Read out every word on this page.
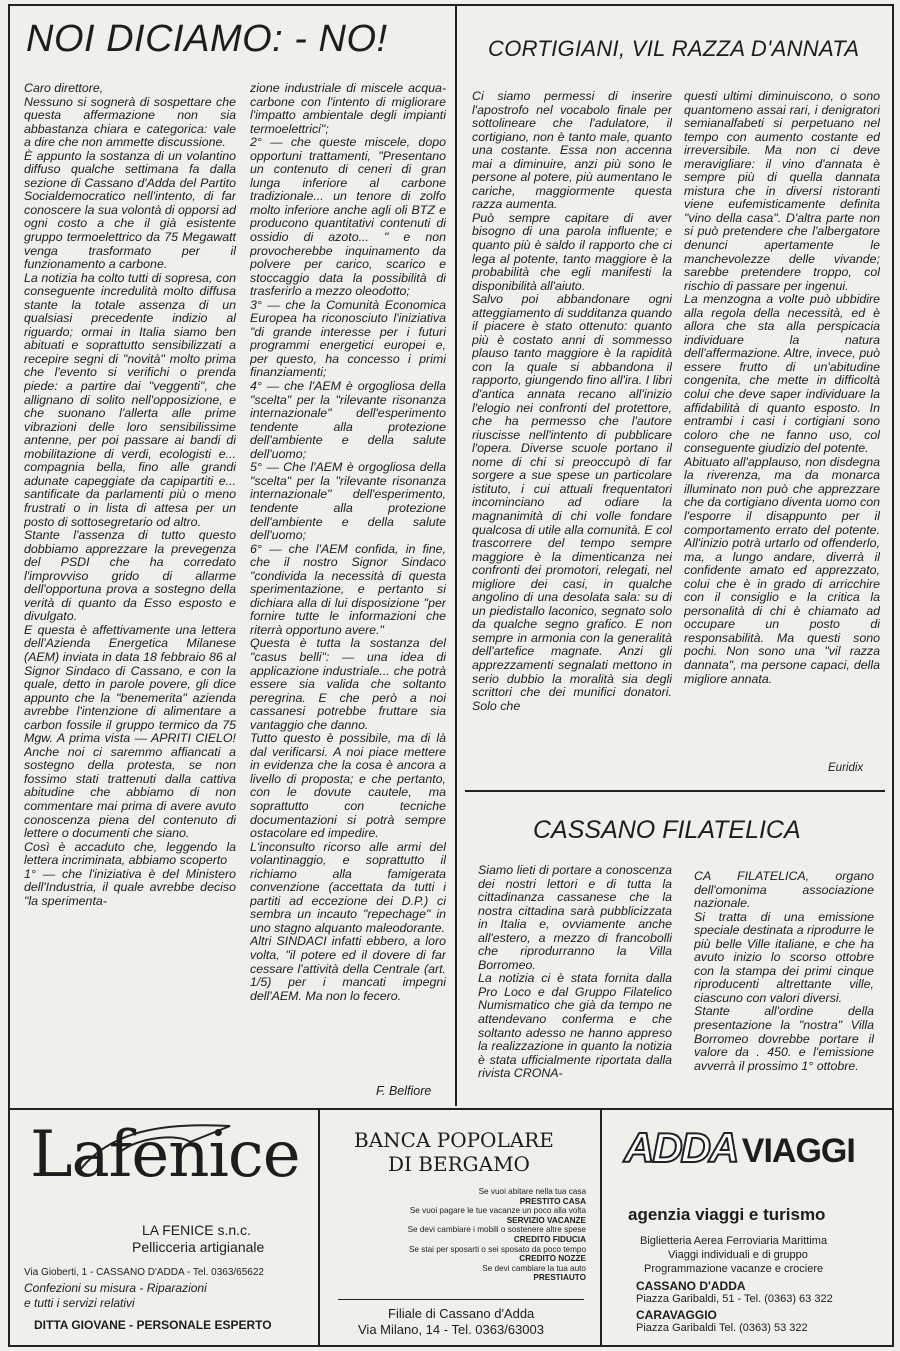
NOI DICIAMO: - NO!
Caro direttore,
Nessuno si sognerà di sospettare che questa affermazione non sia abbastanza chiara e categorica: vale a dire che non ammette discussione.
È appunto la sostanza di un volantino diffuso qualche settimana fa dalla sezione di Cassano d'Adda del Partito Socialdemocratico nell'intento, di far conoscere la sua volontà di opporsi ad ogni costo a che il già esistente gruppo termoelettrico da 75 Megawatt venga trasformato per il funzionamento a carbone.
La notizia ha colto tutti di sopresa, con conseguente incredulità molto diffusa stante la totale assenza di un qualsiasi precedente indizio al riguardo; ormai in Italia siamo ben abituati e soprattutto sensibilizzati a recepire segni di "novità" molto prima che l'evento si verifichi o prenda piede: a partire dai "veggenti", che allignano di solito nell'opposizione, e che suonano l'allerta alle prime vibrazioni delle loro sensibilissime antenne, per poi passare ai bandi di mobilitazione di verdi, ecologisti e... compagnia bella, fino alle grandi adunate capeggiate da capipartiti e... santificate da parlamenti più o meno frustrati o in lista di attesa per un posto di sottosegretario od altro.
Stante l'assenza di tutto questo dobbiamo apprezzare la prevegenza del PSDI che ha corredato l'improvviso grido di allarme dell'opportuna prova a sostegno della verità di quanto da Esso esposto e divulgato.
E questa è affettivamente una lettera dell'Azienda Energetica Milanese (AEM) inviata in data 18 febbraio 86 al Signor Sindaco di Cassano, e con la quale, detto in parole povere, gli dice appunto che la "benemerita" azienda avrebbe l'intenzione di alimentare a carbon fossile il gruppo termico da 75 Mgw. A prima vista — APRITI CIELO! Anche noi ci saremmo affiancati a sostegno della protesta, se non fossimo stati trattenuti dalla cattiva abitudine che abbiamo di non commentare mai prima di avere avuto conoscenza piena del contenuto di lettere o documenti che siano.
Così è accaduto che, leggendo la lettera incriminata, abbiamo scoperto
1° — che l'iniziativa è del Ministero dell'Industria, il quale avrebbe deciso "la sperimenta-
zione industriale di miscele acqua-carbone con l'intento di migliorare l'impatto ambientale degli impianti termoelettrici";
2° — che queste miscele, dopo opportuni trattamenti, "Presentano un contenuto di ceneri di gran lunga inferiore al carbone tradizionale... un tenore di zolfo molto inferiore anche agli oli BTZ e producono quantitativi contenuti di ossidio di azoto... " e non provocherebbe inquinamento da polvere per carico, scarico e stoccaggio data la possibilità di trasferirlo a mezzo oleodotto;
3° — che la Comunità Economica Europea ha riconosciuto l'iniziativa "di grande interesse per i futuri programmi energetici europei e, per questo, ha concesso i primi finanziamenti;
4° — che l'AEM è orgogliosa della "scelta" per la "rilevante risonanza internazionale" dell'esperimento tendente alla protezione dell'ambiente e della salute dell'uomo;
5° — Che l'AEM è orgogliosa della "scelta" per la "rilevante risonanza internazionale" dell'esperimento, tendente alla protezione dell'ambiente e della salute dell'uomo;
6° — che l'AEM confida, in fine, che il nostro Signor Sindaco "condivida la necessità di questa sperimentazione, e pertanto si dichiara alla di lui disposizione "per fornire tutte le informazioni che riterrà opportuno avere."
Questa è tutta la sostanza del "casus belli": — una idea di applicazione industriale... che potrà essere sia valida che soltanto peregrina. E che però a noi cassanesi potrebbe fruttare sia vantaggio che danno.
Tutto questo è possibile, ma di là dal verificarsi. A noi piace mettere in evidenza che la cosa è ancora a livello di proposta; e che pertanto, con le dovute cautele, ma soprattutto con tecniche documentazioni si potrà sempre ostacolare ed impedire.
L'inconsulto ricorso alle armi del volantinaggio, e soprattutto il richiamo alla famigerata convenzione (accettata da tutti i partiti ad eccezione dei D.P.) ci sembra un incauto "repechage" in uno stagno alquanto maleodorante.
Altri SINDACI infatti ebbero, a loro volta, "il potere ed il dovere di far cessare l'attività della Centrale (art. 1/5) per i mancati impegni dell'AEM. Ma non lo fecero.
F. Belfiore
CORTIGIANI, VIL RAZZA D'ANNATA
Ci siamo permessi di inserire l'apostrofo nel vocabolo finale per sottolineare che l'adulatore, il cortigiano, non è tanto male, quanto una costante. Essa non accenna mai a diminuire, anzi più sono le persone al potere, più aumentano le cariche, maggiormente questa razza aumenta.
Può sempre capitare di aver bisogno di una parola influente; e quanto più è saldo il rapporto che ci lega al potente, tanto maggiore è la probabilità che egli manifesti la disponibilità all'aiuto.
Salvo poi abbandonare ogni atteggiamento di sudditanza quando il piacere è stato ottenuto: quanto più è costato anni di sommesso plauso tanto maggiore è la rapidità con la quale si abbandona il rapporto, giungendo fino all'ira. I libri d'antica annata recano all'inizio l'elogio nei confronti del protettore, che ha permesso che l'autore riuscisse nell'intento di pubblicare l'opera. Diverse scuole portano il nome di chi si preoccupò di far sorgere a sue spese un particolare istituto, i cui attuali frequentatori incominciano ad odiare la magnanimità di chi volle fondare qualcosa di utile alla comunità. E col trascorrere del tempo sempre maggiore è la dimenticanza nei confronti dei promotori, relegati, nel migliore dei casi, in qualche angolino di una desolata sala: su di un piedistallo laconico, segnato solo da qualche segno grafico. E non sempre in armonia con la generalità dell'artefice magnate. Anzi gli apprezzamenti segnalati mettono in serio dubbio la moralità sia degli scrittori che dei munifici donatori. Solo che
questi ultimi diminuiscono, o sono quantomeno assai rari, i denigratori semianalfabeti si perpetuano nel tempo con aumento costante ed irreversibile. Ma non ci deve meravigliare: il vino d'annata è sempre più di quella dannata mistura che in diversi ristoranti viene eufemisticamente definita "vino della casa". D'altra parte non si può pretendere che l'albergatore denunci apertamente le manchevolezze delle vivande; sarebbe pretendere troppo, col rischio di passare per ingenui.
La menzogna a volte può ubbidire alla regola della necessità, ed è allora che sta alla perspicacia individuare la natura dell'affermazione. Altre, invece, può essere frutto di un'abitudine congenita, che mette in difficoltà colui che deve saper individuare la affidabilità di quanto esposto. In entrambi i casi i cortigiani sono coloro che ne fanno uso, col conseguente giudizio del potente.
Abituato all'applauso, non disdegna la riverenza, ma da monarca illuminato non può che apprezzare che da cortigiano diventa uomo con l'esporre il disappunto per il comportamento errato del potente. All'inizio potrà urtarlo od offenderlo, ma, a lungo andare, diverrà il confidente amato ed apprezzato, colui che è in grado di arricchire con il consiglio e la critica la personalità di chi è chiamato ad occupare un posto di responsabilità. Ma questi sono pochi. Non sono una "vil razza dannata", ma persone capaci, della migliore annata.
Euridix
CASSANO FILATELICA
Siamo lieti di portare a conoscenza dei nostri lettori e di tutta la cittadinanza cassanese che la nostra cittadina sarà pubblicizzata in Italia e, ovviamente anche all'estero, a mezzo di francobolli che riprodurranno la Villa Borromeo.
La notizia ci è stata fornita dalla Pro Loco e dal Gruppo Filatelico Numismatico che già da tempo ne attendevano conferma e che soltanto adesso ne hanno appreso la realizzazione in quanto la notizia è stata ufficialmente riportata dalla rivista CRONA-
CA FILATELICA, organo dell'omonima associazione nazionale.
Si tratta di una emissione speciale destinata a riprodurre le più belle Ville italiane, e che ha avuto inizio lo scorso ottobre con la stampa dei primi cinque riproducenti altrettante ville, ciascuno con valori diversi.
Stante all'ordine della presentazione la "nostra" Villa Borromeo dovrebbe portare il valore da . 450. e l'emissione avverrà il prossimo 1° ottobre.
Lafenice
LA FENICE s.n.c.
Pellicceria artigianale
Via Gioberti, 1 - CASSANO D'ADDA - Tel. 0363/65622
Confezioni su misura - Riparazioni
e tutti i servizi relativi
DITTA GIOVANE - PERSONALE ESPERTO
BANCA POPOLARE
DI BERGAMO
Se vuoi abitare nella tua casa
PRESTITO CASA
Se vuoi pagare le tue vacanze un poco alla volta
SERVIZIO VACANZE
Se devi cambiare i mobili o sostenere altre spese
CREDITO FIDUCIA
Se stai per sposarti o sei sposato da poco tempo
CREDITO NOZZE
Se devi cambiare la tua auto
PRESTIAUTO
Filiale di Cassano d'Adda
Via Milano, 14 - Tel. 0363/63003
ADDA VIAGGI
agenzia viaggi e turismo
Biglietteria Aerea Ferroviaria Marittima
Viaggi individuali e di gruppo
Programmazione vacanze e crociere
CASSANO D'ADDA
Piazza Garibaldi, 51 - Tel. (0363) 63 322
CARAVAGGIO
Piazza Garibaldi Tel. (0363) 53 322
